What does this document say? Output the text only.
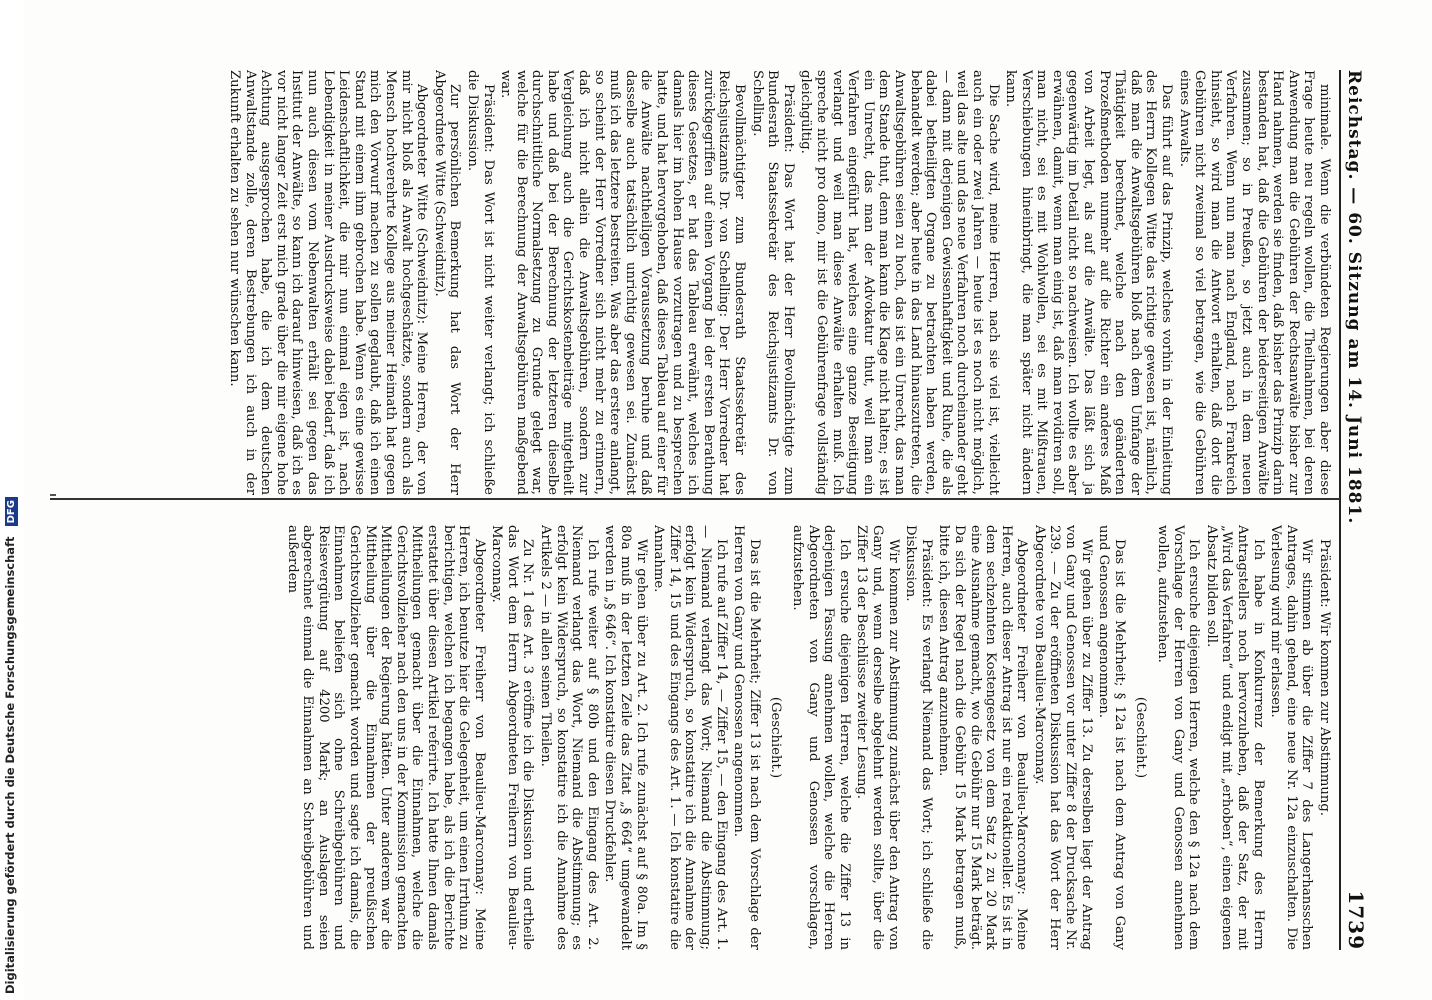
Reichstag. — 60. Sitzung am 14. Juni 1881.
1739

minimale. Wenn die verbündeten Regierungen aber diese Frage heute neu regeln wollen, die Theilnahmen, bei deren Anwendung man die Gebühren der Rechtsanwälte bisher zur Hand nahmen, werden sie finden, daß bisher das Prinzip darin bestanden hat, daß die Gebühren der beiderseitigen Anwälte zusammen; so in Preußen, so jetzt auch in dem neuen Verfahren. Wenn nun man nach England, nach Frankreich hinsieht, so wird man die Antwort erhalten, daß dort die Gebühren nicht zweimal so viel betragen, wie die Gebühren eines Anwalts.

Das führt auf das Prinzip, welches vorhin in der Einleitung des Herrn Kollegen Witte das richtige gewesen ist, nämlich, daß man die Anwaltsgebühren bloß nach dem Umfange der Thätigkeit berechnet, welche nach den geänderten Prozeßmethoden nunmehr auf die Richter ein anderes Maß von Arbeit legt, als auf die Anwälte. Das läßt sich ja gegenwärtig im Detail nicht so nachweisen. Ich wollte es aber erwähnen, damit, wenn man einig ist, daß man revidiren soll, man nicht, sei es mit Wohlwollen, sei es mit Mißtrauen, Verschiebungen hineinbringt, die man später nicht ändern kann.

Die Sache wird, meine Herren, nach sie viel ist, vielleicht auch ein oder zwei Jahren — heute ist es noch nicht möglich, weil das alte und das neue Verfahren noch durcheinander geht — dann mit derjenigen Gewissenhaftigkeit und Ruhe, die als dabei betheiligten Organe zu betrachten haben werden, behandelt werden; aber heute in das Land hinauszutreten, die Anwaltsgebühren seien zu hoch, das ist ein Unrecht, das man dem Stande thut, denn man kann die Klage nicht halten; es ist ein Unrecht, das man der Advokatur thut, weil man ein Verfahren eingeführt hat, welches eine ganze Beseitigung verlangt und weil man diese Anwälte erhalten muß. Ich spreche nicht pro domo, mir ist die Gebührenfrage vollständig gleichgültig.

Präsident: Das Wort hat der Herr Bevollmächtigte zum Bundesrath Staatssekretär des Reichsjustizamts Dr. von Schelling.

Bevollmächtigter zum Bundesrath Staatssekretär des Reichsjustizamts Dr. von Schelling: Der Herr Vorredner hat zurückgegriffen auf einen Vorgang bei der ersten Berathung dieses Gesetzes, er hat das Tableau erwähnt, welches ich damals hier im hohen Hause vorzutragen und zu besprechen hatte, und hat hervorgehoben, daß dieses Tableau auf einer für die Anwälte nachtheiligen Voraussetzung beruhe und daß dasselbe auch tatsächlich unrichtig gewesen sei. Zunächst muß ich das letztere bestreiten. Was aber das erstere anlangt, so scheint der Herr Vorredner sich nicht mehr zu erinnern, daß ich nicht allein die Anwaltsgebühren, sondern zur Vergleichung auch die Gerichtskostenbeiträge mitgetheilt habe und daß bei der Berechnung der letzteren dieselbe durchschnittliche Normalsetzung zu Grunde gelegt war, welche für die Berechnung der Anwaltsgebühren maßgebend war.

Präsident: Das Wort ist nicht weiter verlangt; ich schließe die Diskussion.

Zur persönlichen Bemerkung hat das Wort der Herr Abgeordnete Witte (Schweidnitz).

Abgeordneter Witte (Schweidnitz): Meine Herren, der von mir nicht bloß als Anwalt hochgeschätzte, sondern auch als Mensch hochverehrte Kollege aus meiner Heimath hat gegen mich den Vorwurf machen zu sollen geglaubt, daß ich einen Stand mit einem ihm gebrochen habe. Wenn es eine gewisse Leidenschaftlichkeit, die mir nun einmal eigen ist, nach Lebendigkeit in meiner Ausdrucksweise dabei bedarf, daß ich nun auch diesen vom Nebenwalten erhält sei gegen das Institut der Anwälte, so kann ich darauf hinweisen, daß ich es vor nicht langer Zeit erst mich grade über die mir eigene hohe Achtung ausgesprochen habe, die ich dem deutschen Anwaltstande zolle, deren Bestrebungen ich auch in der Zukunft erhalten zu sehen nur wünschen kann.

Präsident: Wir kommen zur Abstimmung.

Wir stimmen ab über die Ziffer 7 des Langerhansschen Antrages, dahin gehend, eine neue Nr. 12a einzuschalten. Die Verlesung wird mir erlassen.

Ich habe in Konkurrenz der Bemerkung des Herrn Antragstellers noch hervorzuheben, daß der Satz, der mit „Wird das Verfahren“ und endigt mit „erhoben“, einen eigenen Absatz bilden soll.

Ich ersuche diejenigen Herren, welche den § 12a nach dem Vorschlage der Herren von Gany und Genossen annehmen wollen, aufzustehen.

(Geschieht.)

Das ist die Mehrheit; § 12a ist nach dem Antrag von Gany und Genossen angenommen.

Wir gehen über zu Ziffer 13. Zu derselben liegt der Antrag von Gany und Genossen vor unter Ziffer 8 der Drucksache Nr. 239. — Zu der eröffneten Diskussion hat das Wort der Herr Abgeordnete von Beaulieu-Marconnay.

Abgeordneter Freiherr von Beaulieu-Marconnay: Meine Herren, auch dieser Antrag ist nur ein redaktioneller. Es ist in dem sechzehnten Kostengesetz von dem Satz 2 zu 20 Mark eine Ausnahme gemacht, wo die Gebühr nur 15 Mark beträgt. Da sich der Regel nach die Gebühr 15 Mark betragen muß, bitte ich, diesen Antrag anzunehmen.

Präsident: Es verlangt Niemand das Wort; ich schließe die Diskussion.

Wir kommen zur Abstimmung zunächst über den Antrag von Gany und, wenn derselbe abgelehnt werden sollte, über die Ziffer 13 der Beschlüsse zweiter Lesung.

Ich ersuche diejenigen Herren, welche die Ziffer 13 in derjenigen Fassung annehmen wollen, welche die Herren Abgeordneten von Gany und Genossen vorschlagen, aufzustehen.

(Geschieht.)

Das ist die Mehrheit; Ziffer 13 ist nach dem Vorschlage der Herren von Gany und Genossen angenommen.

Ich rufe auf Ziffer 14, — Ziffer 15, — den Eingang des Art. 1. — Niemand verlangt das Wort; Niemand die Abstimmung; erfolgt kein Widerspruch, so konstatire ich die Annahme der Ziffer 14, 15 und des Eingangs des Art. 1. — Ich konstatire die Annahme.

Wir gehen über zu Art. 2. Ich rufe zunächst auf § 80a. Im § 80a muß in der letzten Zeile das Zitat „§ 664“ umgewandelt werden in „§ 646“. Ich konstatire diesen Druckfehler.

Ich rufe weiter auf § 80b und den Eingang des Art. 2. Niemand verlangt das Wort, Niemand die Abstimmung; es erfolgt kein Widerspruch, so konstatire ich die Annahme des Artikels 2 — in allen seinen Theilen.

Zu Nr. 1 des Art. 3 eröffne ich die Diskussion und ertheile das Wort dem Herrn Abgeordneten Freiherrn von Beaulieu-Marconnay.

Abgeordneter Freiherr von Beaulieu-Marconnay: Meine Herren, ich benutze hier die Gelegenheit, um einen Irrthum zu berichtigen, welchen ich begangen habe, als ich die Berichte erstattet über diesen Artikel referirte. Ich hatte Ihnen damals Mittheilungen gemacht über die Einnahmen, welche die Gerichtsvollzieher nach den uns in der Kommission gemachten Mittheilungen der Regierung hätten. Unter anderem war die Mittheilung über die Einnahmen der preußischen Gerichtsvollzieher gemacht worden und sagte ich damals, die Einnahmen beliefen sich ohne Schreibgebühren und Reisevergütung auf 4200 Mark; an Auslagen seien abgerechnet einmal die Einnahmen an Schreibgebühren und außerdem

Digitalisierung gefördert durch die Deutsche Forschungsgemeinschaft DFG
